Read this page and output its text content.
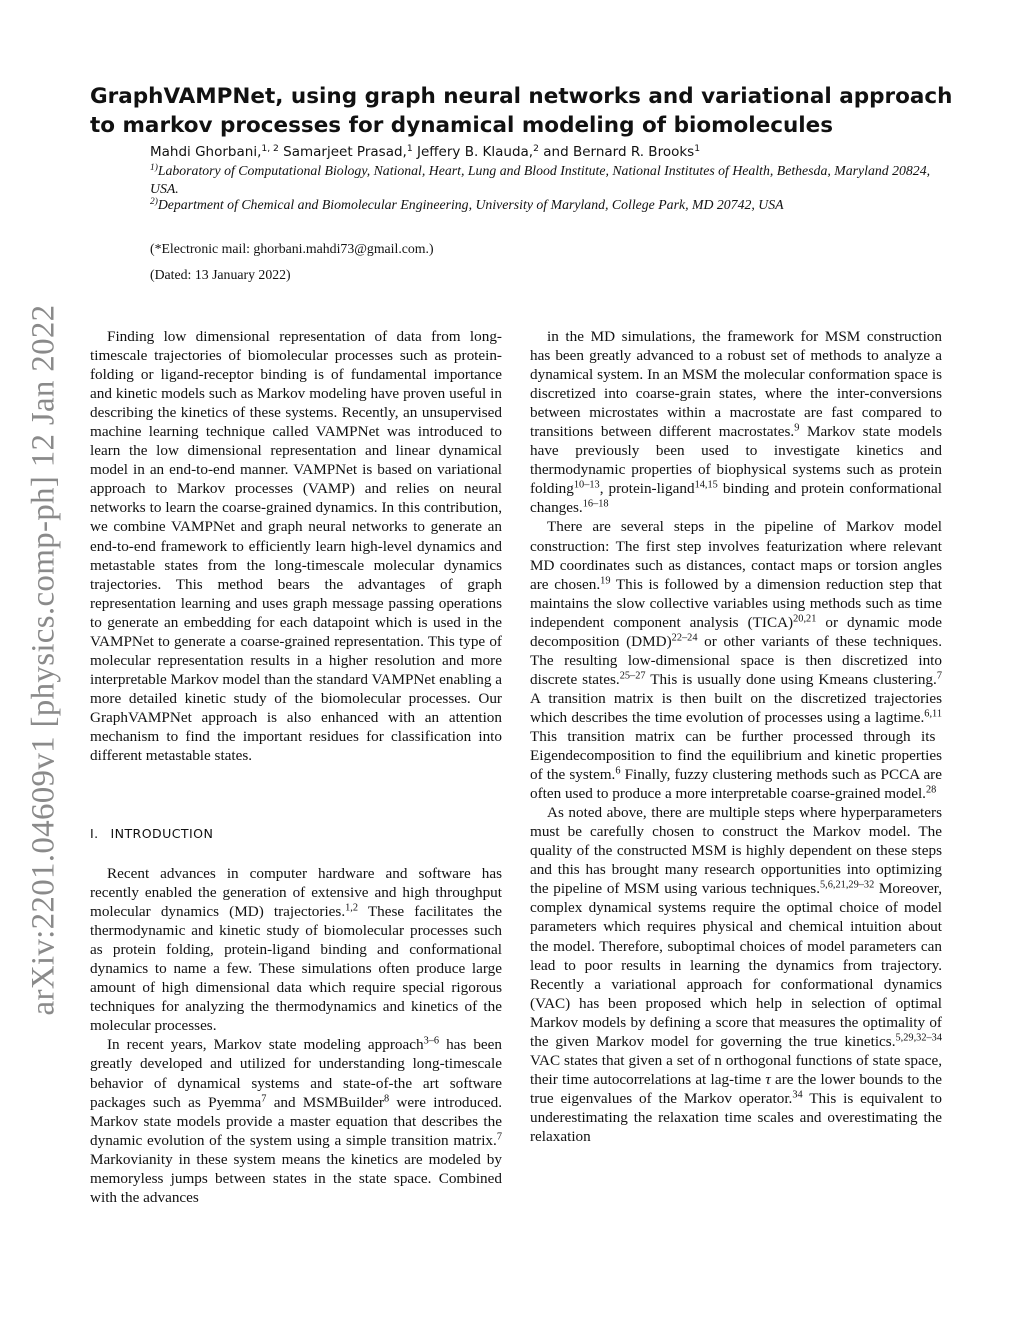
arXiv:2201.04609v1 [physics.comp-ph] 12 Jan 2022
GraphVAMPNet, using graph neural networks and variational approach to markov processes for dynamical modeling of biomolecules
Mahdi Ghorbani,$^{1, 2}$ Samarjeet Prasad,$^1$ Jeffery B. Klauda,$^2$ and Bernard R. Brooks$^1$
$^{1)}$Laboratory of Computational Biology, National, Heart, Lung and Blood Institute, National Institutes of Health, Bethesda, Maryland 20824, USA.
$^{2)}$Department of Chemical and Biomolecular Engineering, University of Maryland, College Park, MD 20742, USA
(*Electronic mail: ghorbani.mahdi73@gmail.com.)
(Dated: 13 January 2022)

Finding low dimensional representation of data from long-timescale trajectories of biomolecular processes such as protein-folding or ligand-receptor binding is of fundamental importance and kinetic models such as Markov modeling have proven useful in describing the kinetics of these systems. Recently, an unsupervised machine learning technique called VAMPNet was introduced to learn the low dimensional representation and linear dynamical model in an end-to-end manner. VAMPNet is based on variational approach to Markov processes (VAMP) and relies on neural networks to learn the coarse-grained dynamics. In this contribution, we combine VAMPNet and graph neural networks to generate an end-to-end framework to efficiently learn high-level dynamics and metastable states from the long-timescale molecular dynamics trajectories. This method bears the advantages of graph representation learning and uses graph message passing operations to generate an embedding for each datapoint which is used in the VAMPNet to generate a coarse-grained representation. This type of molecular representation results in a higher resolution and more interpretable Markov model than the standard VAMPNet enabling a more detailed kinetic study of the biomolecular processes. Our GraphVAMPNet approach is also enhanced with an attention mechanism to find the important residues for classification into different metastable states.

I. INTRODUCTION

Recent advances in computer hardware and software has recently enabled the generation of extensive and high throughput molecular dynamics (MD) trajectories.$^{1,2}$ These facilitates the thermodynamic and kinetic study of biomolecular processes such as protein folding, protein-ligand binding and conformational dynamics to name a few. These simulations often produce large amount of high dimensional data which require special rigorous techniques for analyzing the thermodynamics and kinetics of the molecular processes.

In recent years, Markov state modeling approach$^{3-6}$ has been greatly developed and utilized for understanding long-timescale behavior of dynamical systems and state-of-the art software packages such as Pyemma$^7$ and MSMBuilder$^8$ were introduced. Markov state models provide a master equation that describes the dynamic evolution of the system using a simple transition matrix.$^7$ Markovianity in these system means the kinetics are modeled by memoryless jumps between states in the state space. Combined with the advances

in the MD simulations, the framework for MSM construction has been greatly advanced to a robust set of methods to analyze a dynamical system. In an MSM the molecular conformation space is discretized into coarse-grain states, where the inter-conversions between microstates within a macrostate are fast compared to transitions between different macrostates.$^9$ Markov state models have previously been used to investigate kinetics and thermodynamic properties of biophysical systems such as protein folding$^{10-13}$, protein-ligand$^{14,15}$ binding and protein conformational changes.$^{16-18}$

There are several steps in the pipeline of Markov model construction: The first step involves featurization where relevant MD coordinates such as distances, contact maps or torsion angles are chosen.$^{19}$ This is followed by a dimension reduction step that maintains the slow collective variables using methods such as time independent component analysis (TICA)$^{20,21}$ or dynamic mode decomposition (DMD)$^{22-24}$ or other variants of these techniques. The resulting low-dimensional space is then discretized into discrete states.$^{25-27}$ This is usually done using Kmeans clustering.$^7$ A transition matrix is then built on the discretized trajectories which describes the time evolution of processes using a lagtime.$^{6,11}$ This transition matrix can be further processed through its Eigendecomposition to find the equilibrium and kinetic properties of the system.$^6$ Finally, fuzzy clustering methods such as PCCA are often used to produce a more interpretable coarse-grained model.$^{28}$

As noted above, there are multiple steps where hyperparameters must be carefully chosen to construct the Markov model. The quality of the constructed MSM is highly dependent on these steps and this has brought many research opportunities into optimizing the pipeline of MSM using various techniques.$^{5,6,21,29-32}$ Moreover, complex dynamical systems require the optimal choice of model parameters which requires physical and chemical intuition about the model. Therefore, suboptimal choices of model parameters can lead to poor results in learning the dynamics from trajectory. Recently a variational approach for conformational dynamics (VAC) has been proposed which help in selection of optimal Markov models by defining a score that measures the optimality of the given Markov model for governing the true kinetics.$^{5,29,32-34}$ VAC states that given a set of n orthogonal functions of state space, their time autocorrelations at lag-time τ are the lower bounds to the true eigenvalues of the Markov operator.$^{34}$ This is equivalent to underestimating the relaxation time scales and overestimating the relaxation
